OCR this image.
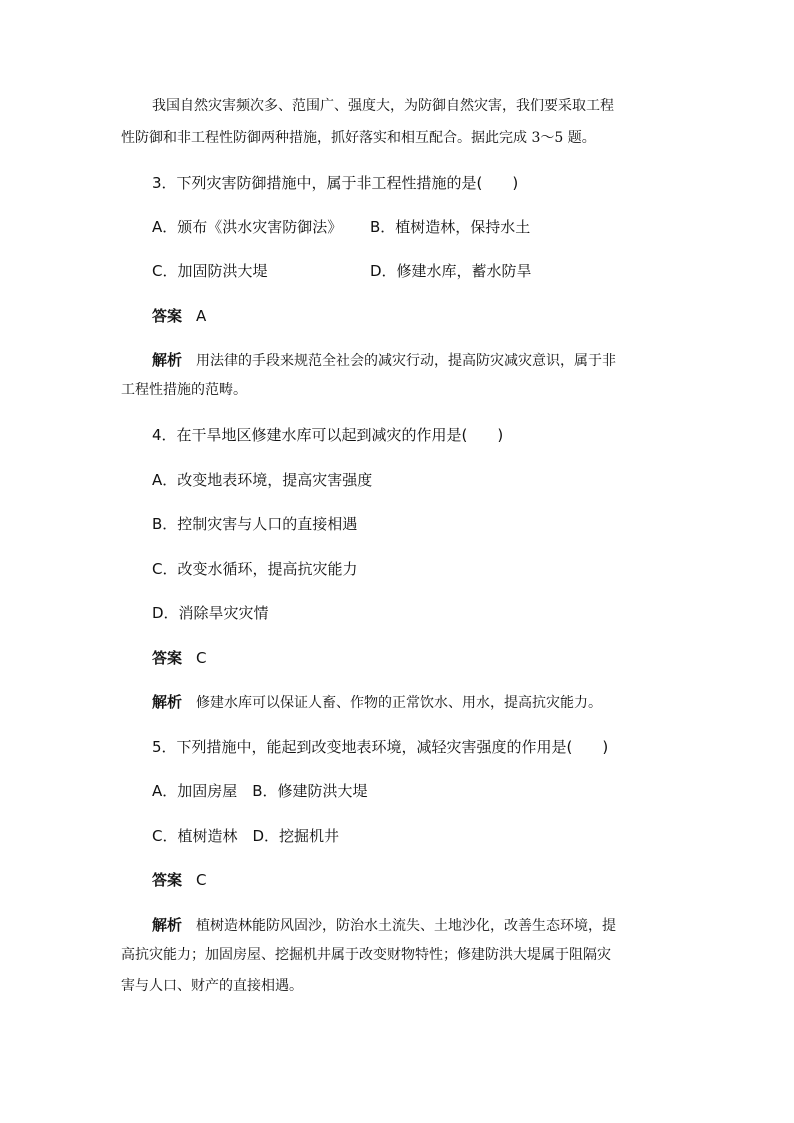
我国自然灾害频次多、范围广、强度大，为防御自然灾害，我们要采取工程
性防御和非工程性防御两种措施，抓好落实和相互配合。据此完成 3～5 题。
3．下列灾害防御措施中，属于非工程性措施的是(　　)
A．颁布《洪水灾害防御法》 B．植树造林，保持水土
C．加固防洪大堤	D．修建水库，蓄水防旱
答案 A
解析 用法律的手段来规范全社会的减灾行动，提高防灾减灾意识，属于非
工程性措施的范畴。
4．在干旱地区修建水库可以起到减灾的作用是(　　)
A．改变地表环境，提高灾害强度
B．控制灾害与人口的直接相遇
C．改变水循环，提高抗灾能力
D．消除旱灾灾情
答案 C
解析 修建水库可以保证人畜、作物的正常饮水、用水，提高抗灾能力。
5．下列措施中，能起到改变地表环境，减轻灾害强度的作用是(　　)
A．加固房屋　B．修建防洪大堤
C．植树造林　D．挖掘机井
答案 C
解析 植树造林能防风固沙，防治水土流失、土地沙化，改善生态环境，提
高抗灾能力；加固房屋、挖掘机井属于改变财物特性；修建防洪大堤属于阻隔灾
害与人口、财产的直接相遇。
